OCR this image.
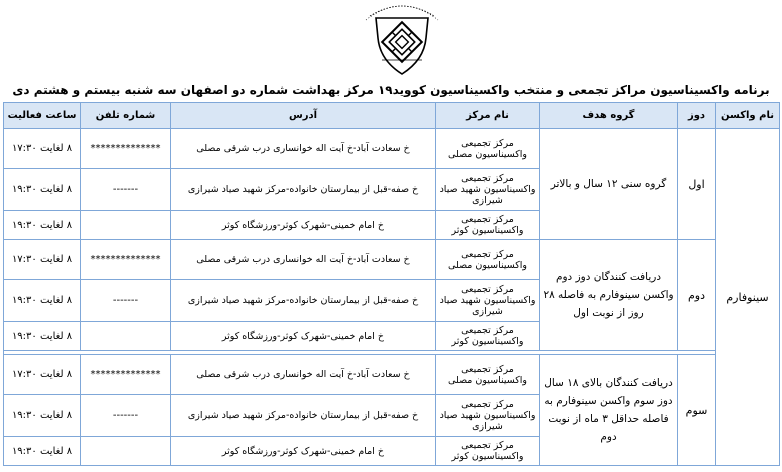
برنامه واکسیناسیون مراکز تجمعی و منتخب واکسیناسیون کووید۱۹ مرکز بهداشت شماره دو اصفهان سه شنبه بیستم و هشتم دی
نام واکسن	دوز	گروه هدف	نام مرکز	آدرس	شماره تلفن	ساعت فعالیت
سینوفارم	اول	گروه سنی ۱۲ سال و بالاتر	مرکز تجمیعی واکسیناسیون مصلی	خ سعادت آباد-خ آیت اله خوانساری درب شرقی مصلی	**************	۸ لغایت ۱۷:۳۰
			مرکز تجمیعی واکسیناسیون شهید صیاد شیرازی	خ صفه-قبل از بیمارستان خانواده-مرکز شهید صیاد شیرازی	-------	۸ لغایت ۱۹:۳۰
			مرکز تجمیعی واکسیناسیون کوثر	خ امام خمینی-شهرک کوثر-ورزشگاه کوثر		۸ لغایت ۱۹:۳۰
	دوم	دریافت کنندگان دوز دوم واکسن سینوفارم به فاصله ۲۸ روز از نوبت اول	مرکز تجمیعی واکسیناسیون مصلی	خ سعادت آباد-خ آیت اله خوانساری درب شرقی مصلی	**************	۸ لغایت ۱۷:۳۰
			مرکز تجمیعی واکسیناسیون شهید صیاد شیرازی	خ صفه-قبل از بیمارستان خانواده-مرکز شهید صیاد شیرازی	-------	۸ لغایت ۱۹:۳۰
			مرکز تجمیعی واکسیناسیون کوثر	خ امام خمینی-شهرک کوثر-ورزشگاه کوثر		۸ لغایت ۱۹:۳۰

	سوم	دریافت کنندگان بالای ۱۸ سال دوز سوم واکسن سینوفارم به فاصله حداقل ۳ ماه از نوبت دوم	مرکز تجمیعی واکسیناسیون مصلی	خ سعادت آباد-خ آیت اله خوانساری درب شرقی مصلی	**************	۸ لغایت ۱۷:۳۰
			مرکز تجمیعی واکسیناسیون شهید صیاد شیرازی	خ صفه-قبل از بیمارستان خانواده-مرکز شهید صیاد شیرازی	-------	۸ لغایت ۱۹:۳۰
			مرکز تجمیعی واکسیناسیون کوثر	خ امام خمینی-شهرک کوثر-ورزشگاه کوثر		۸ لغایت ۱۹:۳۰
